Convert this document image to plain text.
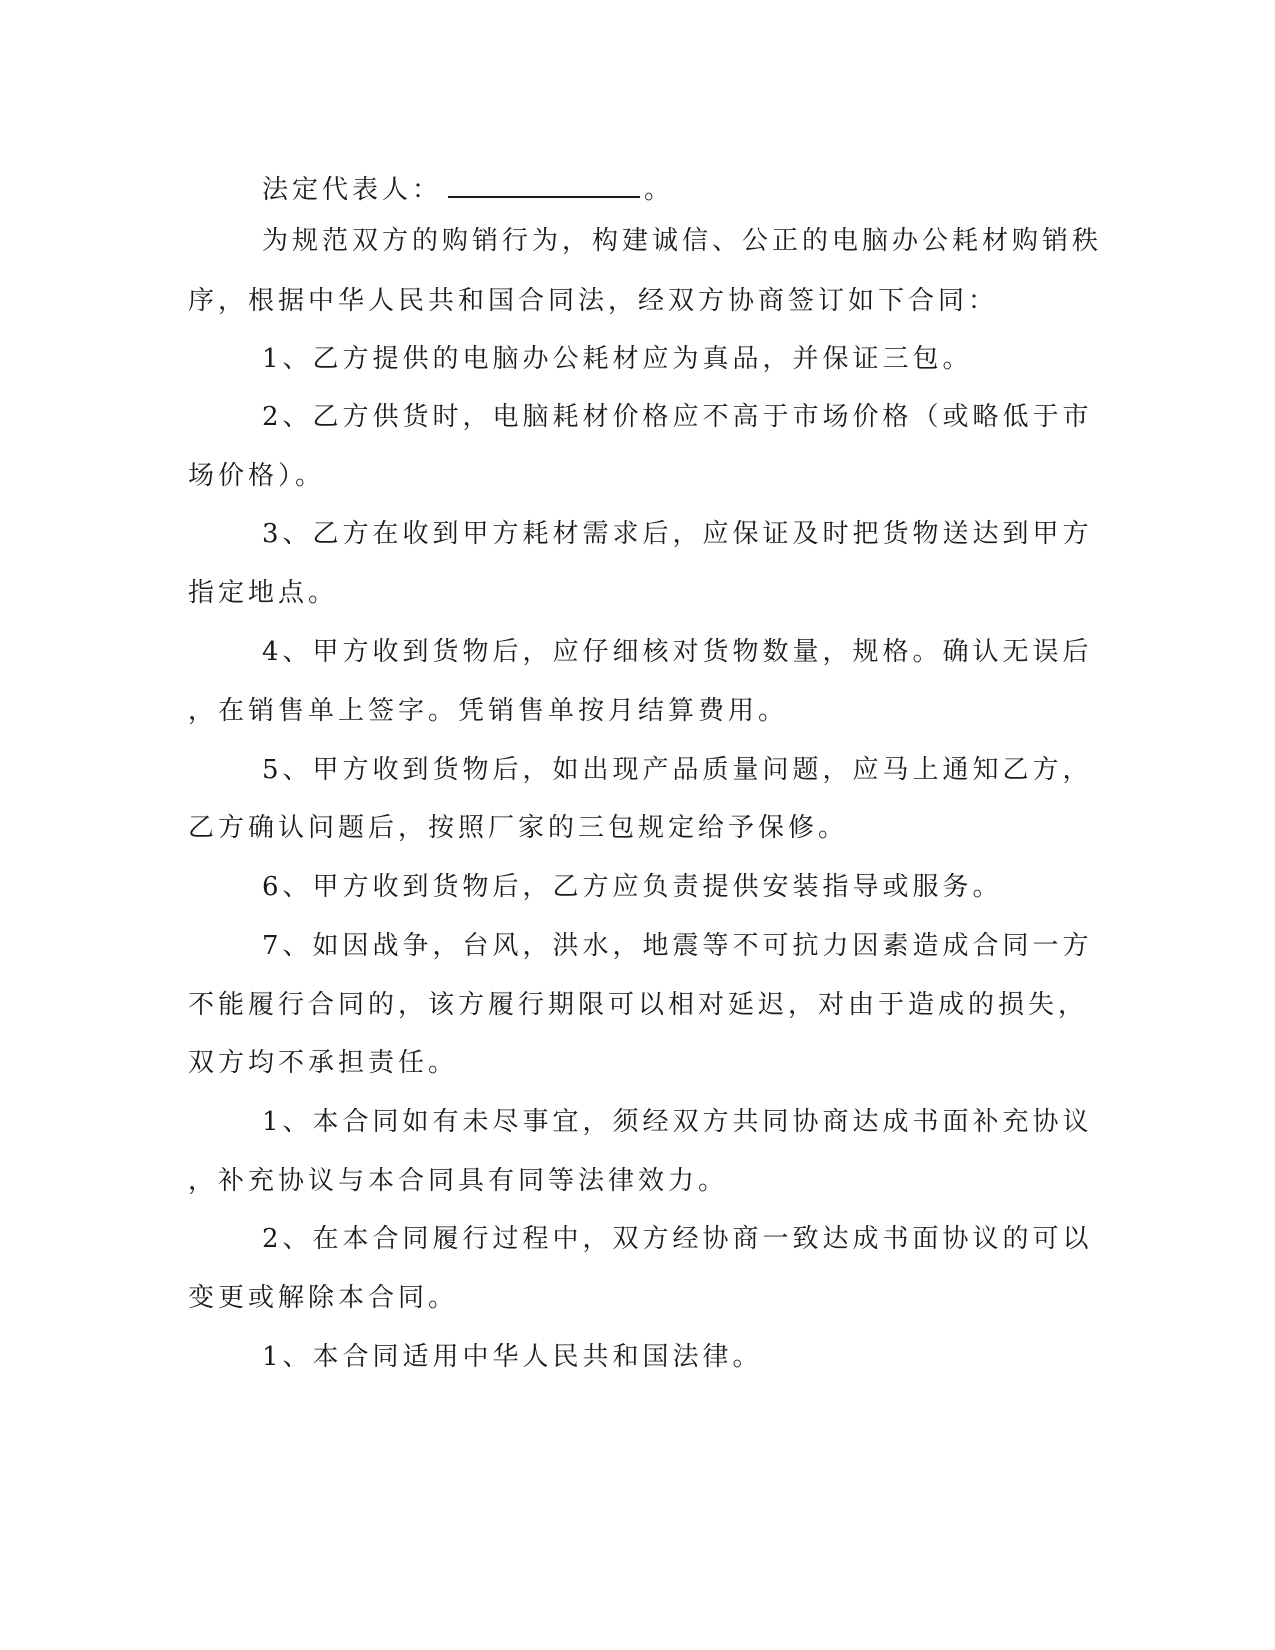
法定代表人：	。
为规范双方的购销行为，构建诚信、公正的电脑办公耗材购销秩
序，根据中华人民共和国合同法，经双方协商签订如下合同：
1、乙方提供的电脑办公耗材应为真品，并保证三包。
2、乙方供货时，电脑耗材价格应不高于市场价格（或略低于市
场价格）。
3、乙方在收到甲方耗材需求后，应保证及时把货物送达到甲方
指定地点。
4、甲方收到货物后，应仔细核对货物数量，规格。确认无误后
，在销售单上签字。凭销售单按月结算费用。
5、甲方收到货物后，如出现产品质量问题，应马上通知乙方，
乙方确认问题后，按照厂家的三包规定给予保修。
6、甲方收到货物后，乙方应负责提供安装指导或服务。
7、如因战争，台风，洪水，地震等不可抗力因素造成合同一方
不能履行合同的，该方履行期限可以相对延迟，对由于造成的损失，
双方均不承担责任。
1、本合同如有未尽事宜，须经双方共同协商达成书面补充协议
，补充协议与本合同具有同等法律效力。
2、在本合同履行过程中，双方经协商一致达成书面协议的可以
变更或解除本合同。
1、本合同适用中华人民共和国法律。
